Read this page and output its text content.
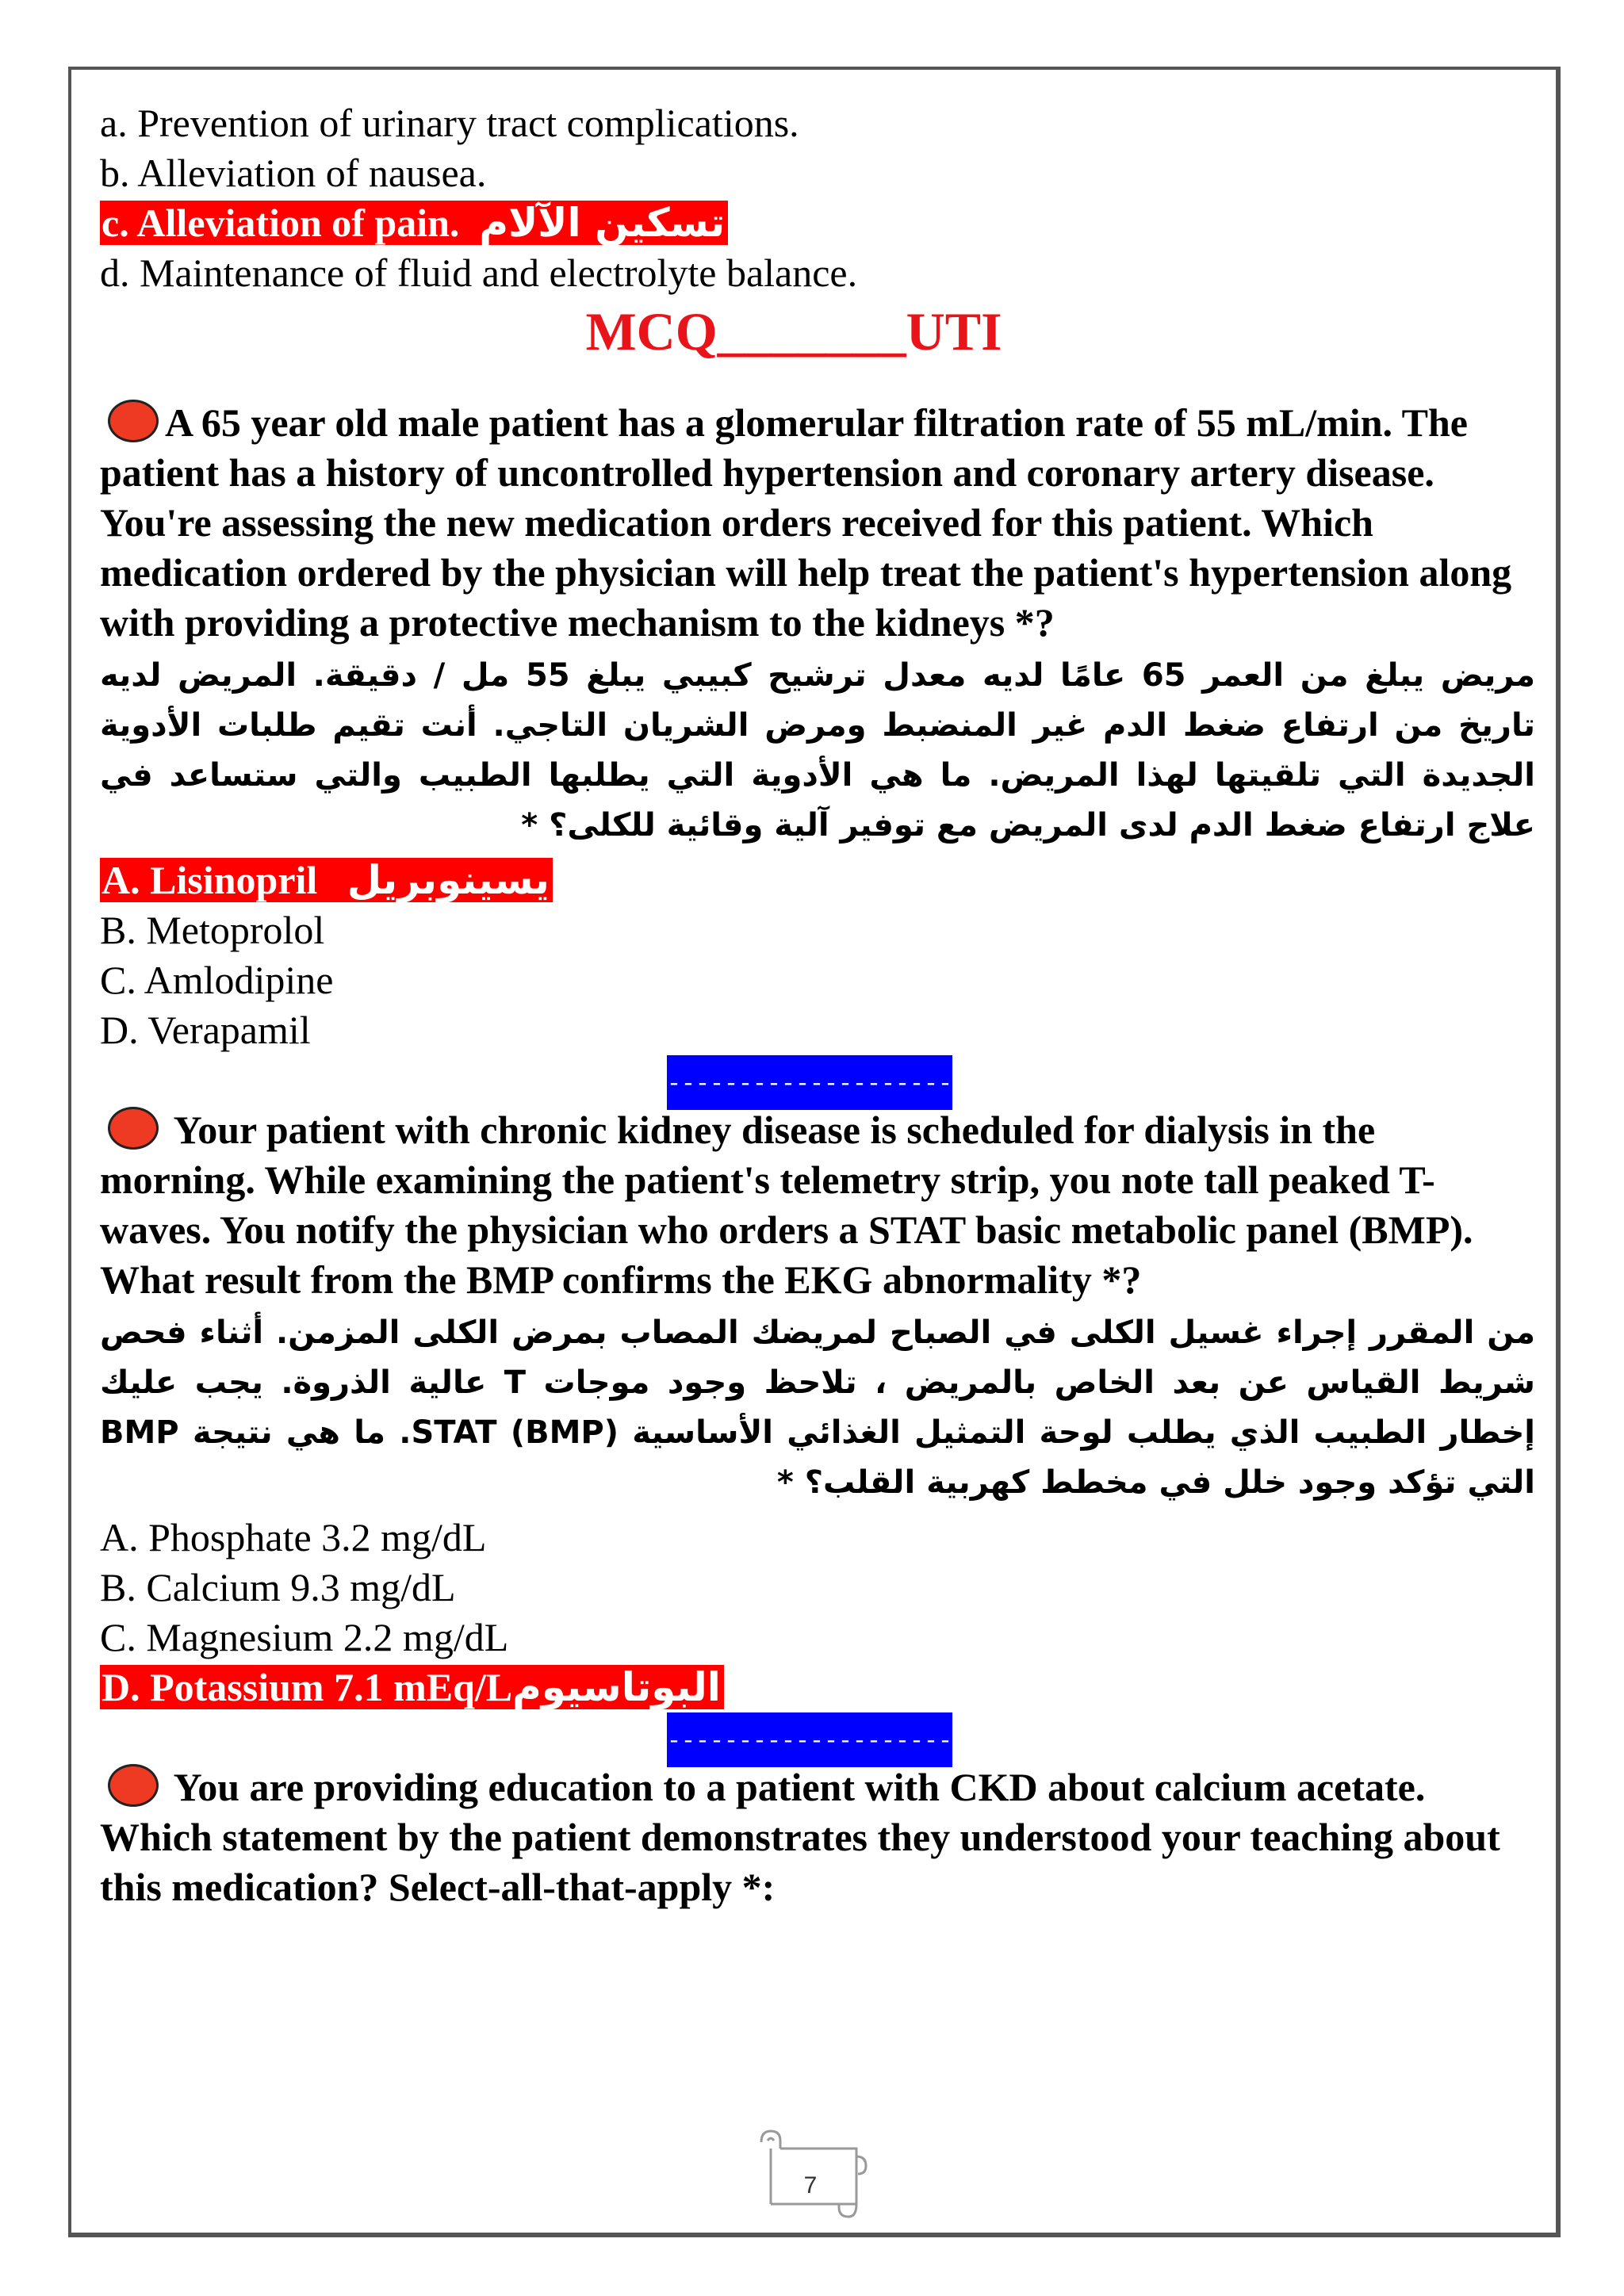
a. Prevention of urinary tract complications.
b. Alleviation of nausea.
c. Alleviation of pain. تسكين الآلام
d. Maintenance of fluid and electrolyte balance.
MCQ_______UTI
A 65 year old male patient has a glomerular filtration rate of 55 mL/min. The patient has a history of uncontrolled hypertension and coronary artery disease. You're assessing the new medication orders received for this patient. Which medication ordered by the physician will help treat the patient's hypertension along with providing a protective mechanism to the kidneys *?
مريض يبلغ من العمر 65 عامًا لديه معدل ترشيح كبيبي يبلغ 55 مل / دقيقة. المريض لديه تاريخ من ارتفاع ضغط الدم غير المنضبط ومرض الشريان التاجي. أنت تقيم طلبات الأدوية الجديدة التي تلقيتها لهذا المريض. ما هي الأدوية التي يطلبها الطبيب والتي ستساعد في علاج ارتفاع ضغط الدم لدى المريض مع توفير آلية وقائية للكلى؟ *
A. Lisinopril يسينوبريل
B. Metoprolol
C. Amlodipine
D. Verapamil
--------------------
Your patient with chronic kidney disease is scheduled for dialysis in the morning. While examining the patient's telemetry strip, you note tall peaked T-waves. You notify the physician who orders a STAT basic metabolic panel (BMP). What result from the BMP confirms the EKG abnormality *?
من المقرر إجراء غسيل الكلى في الصباح لمريضك المصاب بمرض الكلى المزمن. أثناء فحص شريط القياس عن بعد الخاص بالمريض ، تلاحظ وجود موجات T عالية الذروة. يجب عليك إخطار الطبيب الذي يطلب لوحة التمثيل الغذائي الأساسية STAT (BMP). ما هي نتيجة BMP التي تؤكد وجود خلل في مخطط كهربية القلب؟ *
A. Phosphate 3.2 mg/dL
B. Calcium 9.3 mg/dL
C. Magnesium 2.2 mg/dL
D. Potassium 7.1 mEq/Lالبوتاسيوم
--------------------
You are providing education to a patient with CKD about calcium acetate. Which statement by the patient demonstrates they understood your teaching about this medication? Select-all-that-apply *:
7
